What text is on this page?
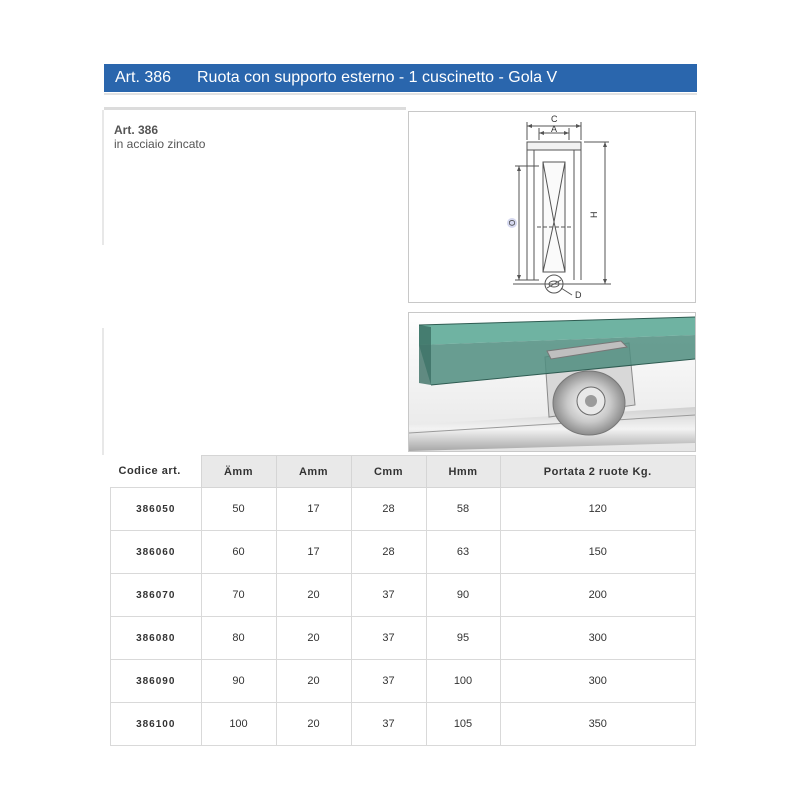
Art. 386 Ruota con supporto esterno - 1 cuscinetto - Gola V
Art. 386
in acciaio zincato
C
A
H
O
D
Codice art.	Ämm	Amm	Cmm	Hmm	Portata 2 ruote Kg.
386050	50	17	28	58	120
386060	60	17	28	63	150
386070	70	20	37	90	200
386080	80	20	37	95	300
386090	90	20	37	100	300
386100	100	20	37	105	350
